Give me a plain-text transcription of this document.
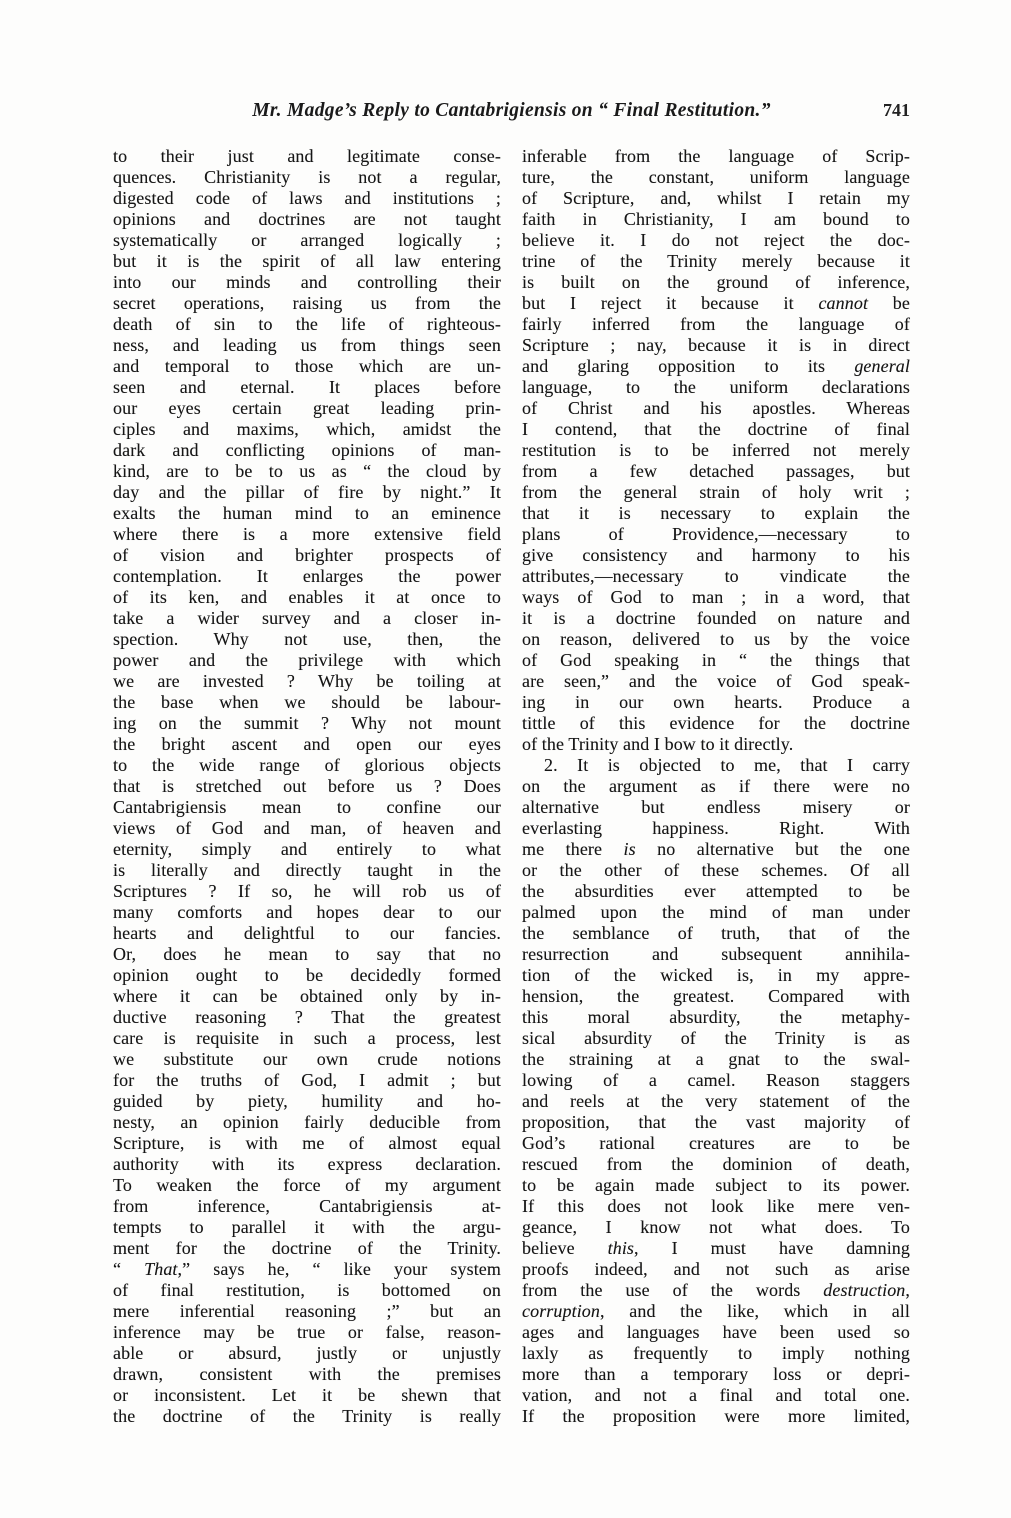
Mr. Madge’s Reply to Cantabrigiensis on “ Final Restitution.”	741
to their just and legitimate conse-
quences. Christianity is not a regular,
digested code of laws and institutions ;
opinions and doctrines are not taught
systematically or arranged logically ;
but it is the spirit of all law entering
into our minds and controlling their
secret operations, raising us from the
death of sin to the life of righteous-
ness, and leading us from things seen
and temporal to those which are un-
seen and eternal. It places before
our eyes certain great leading prin-
ciples and maxims, which, amidst the
dark and conflicting opinions of man-
kind, are to be to us as “ the cloud by
day and the pillar of fire by night.” It
exalts the human mind to an eminence
where there is a more extensive field
of vision and brighter prospects of
contemplation. It enlarges the power
of its ken, and enables it at once to
take a wider survey and a closer in-
spection. Why not use, then, the
power and the privilege with which
we are invested ? Why be toiling at
the base when we should be labour-
ing on the summit ? Why not mount
the bright ascent and open our eyes
to the wide range of glorious objects
that is stretched out before us ? Does
Cantabrigiensis mean to confine our
views of God and man, of heaven and
eternity, simply and entirely to what
is literally and directly taught in the
Scriptures ? If so, he will rob us of
many comforts and hopes dear to our
hearts and delightful to our fancies.
Or, does he mean to say that no
opinion ought to be decidedly formed
where it can be obtained only by in-
ductive reasoning ? That the greatest
care is requisite in such a process, lest
we substitute our own crude notions
for the truths of God, I admit ; but
guided by piety, humility and ho-
nesty, an opinion fairly deducible from
Scripture, is with me of almost equal
authority with its express declaration.
To weaken the force of my argument
from inference, Cantabrigiensis at-
tempts to parallel it with the argu-
ment for the doctrine of the Trinity.
“ That,” says he, “ like your system
of final restitution, is bottomed on
mere inferential reasoning ;” but an
inference may be true or false, reason-
able or absurd, justly or unjustly
drawn, consistent with the premises
or inconsistent. Let it be shewn that
the doctrine of the Trinity is really
inferable from the language of Scrip-
ture, the constant, uniform language
of Scripture, and, whilst I retain my
faith in Christianity, I am bound to
believe it. I do not reject the doc-
trine of the Trinity merely because it
is built on the ground of inference,
but I reject it because it cannot be
fairly inferred from the language of
Scripture ; nay, because it is in direct
and glaring opposition to its general
language, to the uniform declarations
of Christ and his apostles. Whereas
I contend, that the doctrine of final
restitution is to be inferred not merely
from a few detached passages, but
from the general strain of holy writ ;
that it is necessary to explain the
plans of Providence,—necessary to
give consistency and harmony to his
attributes,—necessary to vindicate the
ways of God to man ; in a word, that
it is a doctrine founded on nature and
on reason, delivered to us by the voice
of God speaking in “ the things that
are seen,” and the voice of God speak-
ing in our own hearts. Produce a
tittle of this evidence for the doctrine
of the Trinity and I bow to it directly.
2. It is objected to me, that I carry
on the argument as if there were no
alternative but endless misery or
everlasting happiness. Right. With
me there is no alternative but the one
or the other of these schemes. Of all
the absurdities ever attempted to be
palmed upon the mind of man under
the semblance of truth, that of the
resurrection and subsequent annihila-
tion of the wicked is, in my appre-
hension, the greatest. Compared with
this moral absurdity, the metaphy-
sical absurdity of the Trinity is as
the straining at a gnat to the swal-
lowing of a camel. Reason staggers
and reels at the very statement of the
proposition, that the vast majority of
God’s rational creatures are to be
rescued from the dominion of death,
to be again made subject to its power.
If this does not look like mere ven-
geance, I know not what does. To
believe this, I must have damning
proofs indeed, and not such as arise
from the use of the words destruction,
corruption, and the like, which in all
ages and languages have been used so
laxly as frequently to imply nothing
more than a temporary loss or depri-
vation, and not a final and total one.
If the proposition were more limited,
